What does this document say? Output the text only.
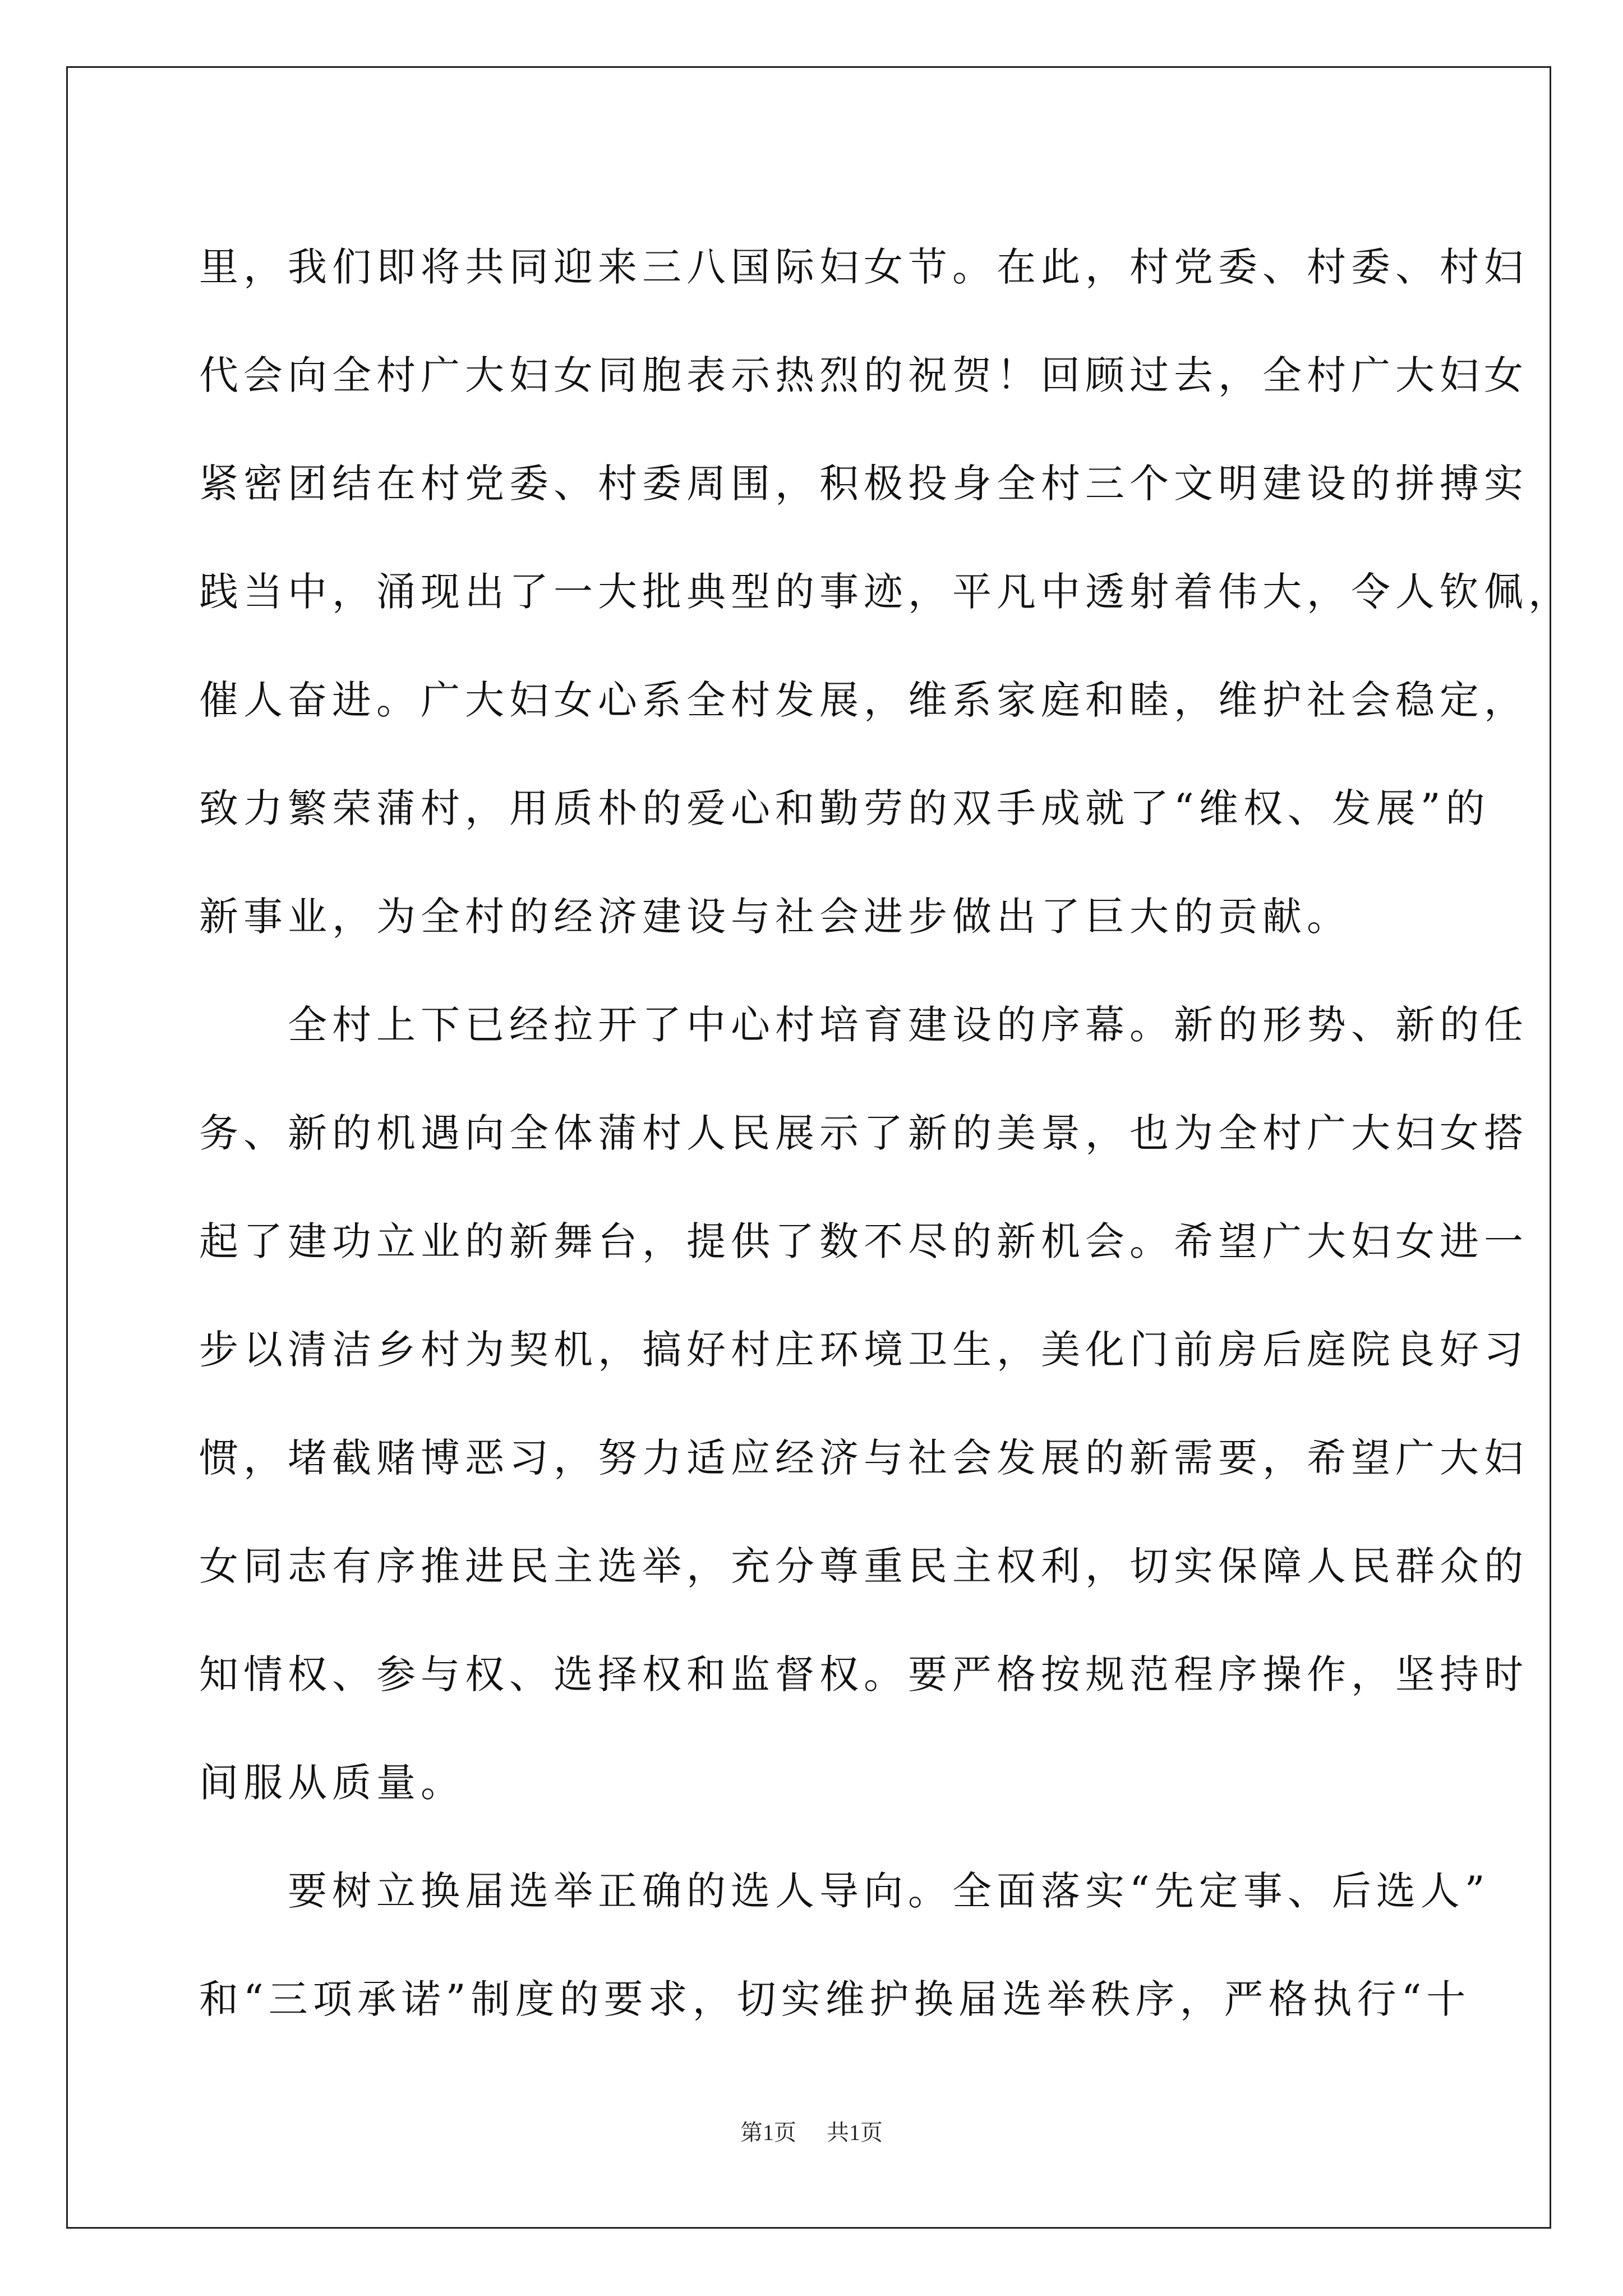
里，我们即将共同迎来三八国际妇女节。在此，村党委、村委、村妇
代会向全村广大妇女同胞表示热烈的祝贺！回顾过去，全村广大妇女
紧密团结在村党委、村委周围，积极投身全村三个文明建设的拼搏实
践当中，涌现出了一大批典型的事迹，平凡中透射着伟大，令人钦佩，
催人奋进。广大妇女心系全村发展，维系家庭和睦，维护社会稳定，
致力繁荣蒲村，用质朴的爱心和勤劳的双手成就了“维权、发展”的
新事业，为全村的经济建设与社会进步做出了巨大的贡献。
　　全村上下已经拉开了中心村培育建设的序幕。新的形势、新的任
务、新的机遇向全体蒲村人民展示了新的美景，也为全村广大妇女搭
起了建功立业的新舞台，提供了数不尽的新机会。希望广大妇女进一
步以清洁乡村为契机，搞好村庄环境卫生，美化门前房后庭院良好习
惯，堵截赌博恶习，努力适应经济与社会发展的新需要，希望广大妇
女同志有序推进民主选举，充分尊重民主权利，切实保障人民群众的
知情权、参与权、选择权和监督权。要严格按规范程序操作，坚持时
间服从质量。
　　要树立换届选举正确的选人导向。全面落实“先定事、后选人”
和“三项承诺”制度的要求，切实维护换届选举秩序，严格执行“十
第1页 共1页
